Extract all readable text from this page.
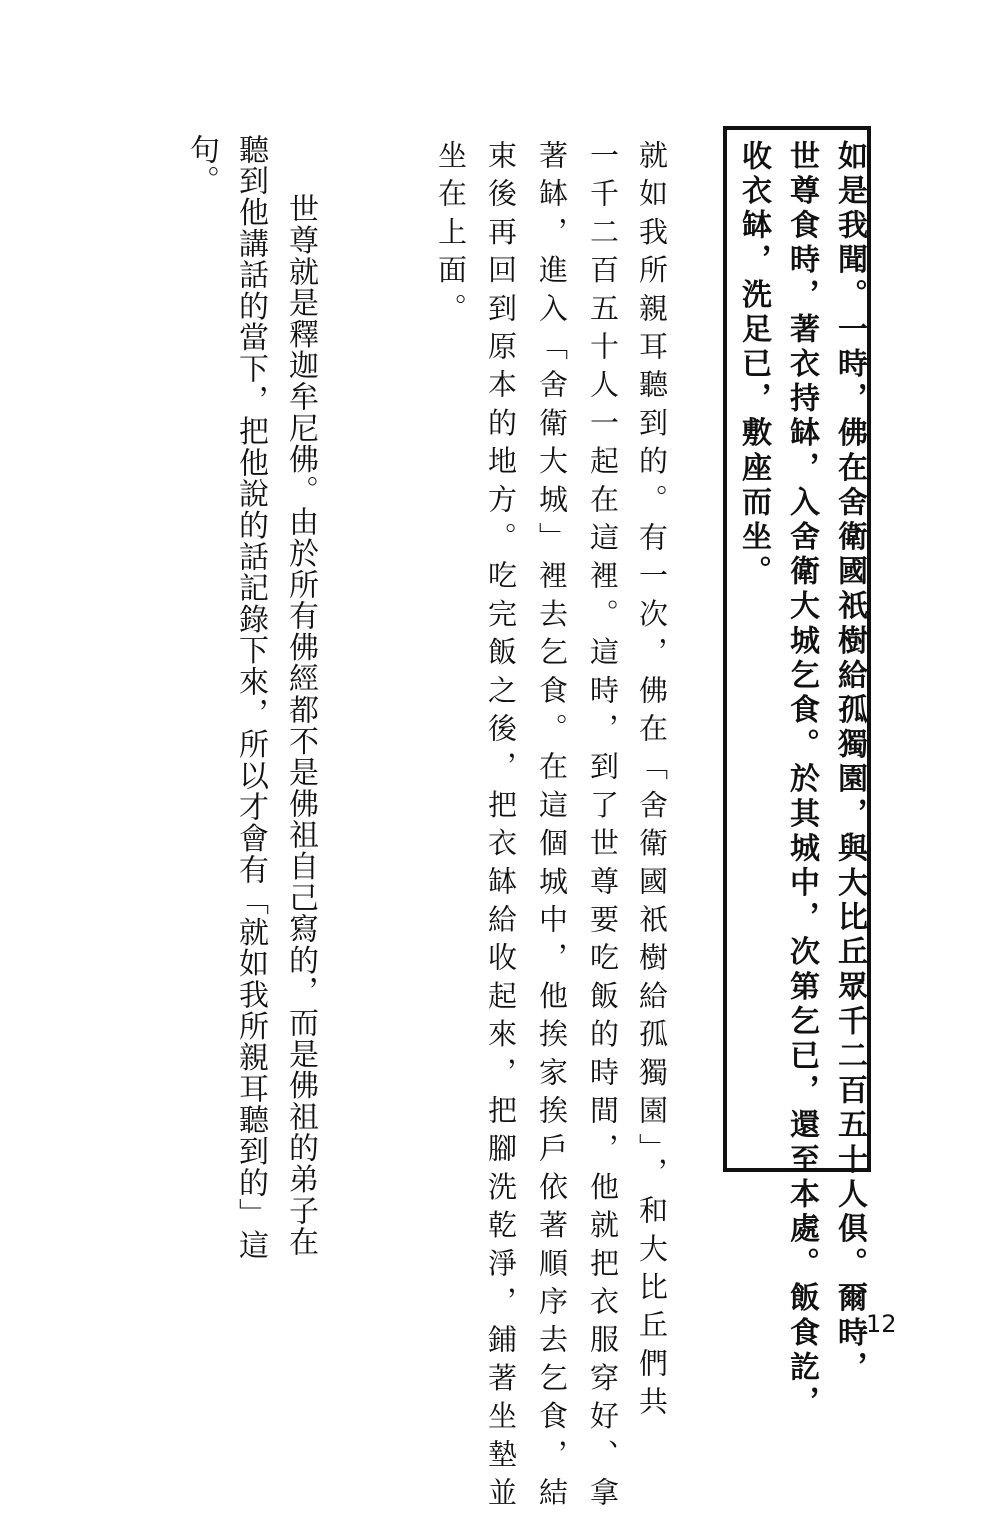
如是我聞。一時，佛在舍衛國祇樹給孤獨園，與大比丘眾千二百五十人俱。爾時，
世尊食時，著衣持缽，入舍衛大城乞食。於其城中，次第乞已，還至本處。飯食訖，
收衣缽，洗足已，敷座而坐。
就如我所親耳聽到的。有一次，佛在「舍衛國祇樹給孤獨園」，和大比丘們共
一千二百五十人一起在這裡。這時，到了世尊要吃飯的時間，他就把衣服穿好、拿
著缽，進入「舍衛大城」裡去乞食。在這個城中，他挨家挨戶依著順序去乞食，結
束後再回到原本的地方。吃完飯之後，把衣缽給收起來，把腳洗乾淨，鋪著坐墊並
坐在上面。
　世尊就是釋迦牟尼佛。由於所有佛經都不是佛祖自己寫的，而是佛祖的弟子在
聽到他講話的當下，把他說的話記錄下來，所以才會有「就如我所親耳聽到的」這
句。
12
